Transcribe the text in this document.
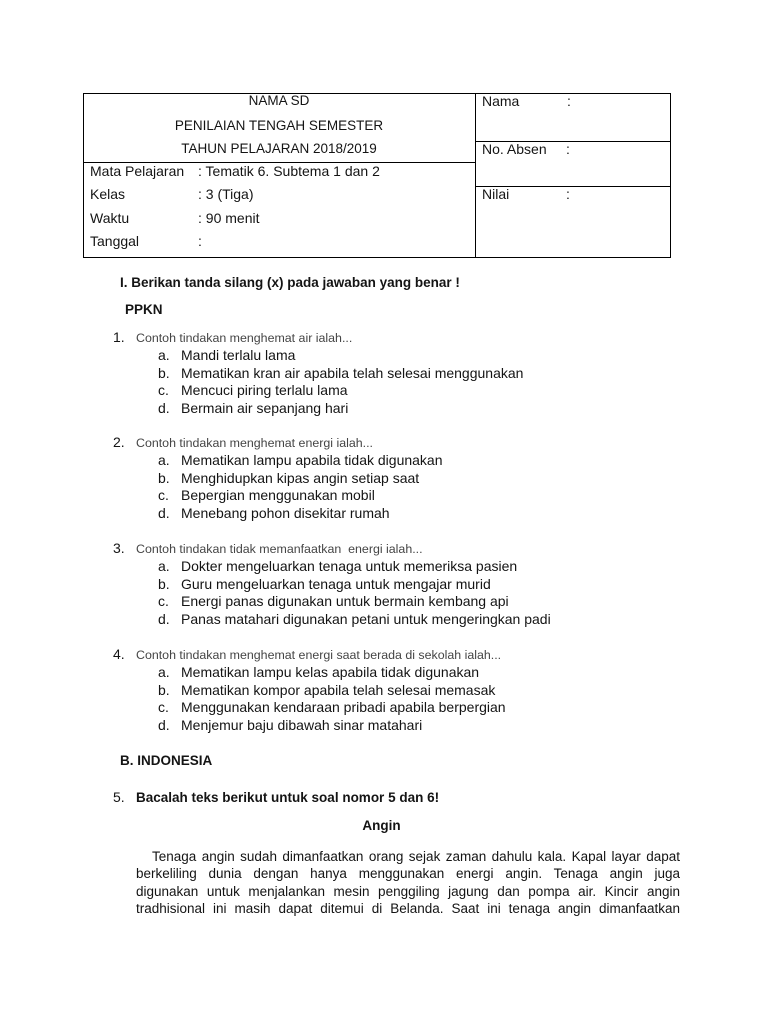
NAMA SD
PENILAIAN TENGAH SEMESTER
TAHUN PELAJARAN 2018/2019
Mata Pelajaran : Tematik 6. Subtema 1 dan 2
Kelas	: 3 (Tiga)
Waktu	: 90 menit
Tanggal	:
Nama	:
No. Absen :
Nilai	:
I. Berikan tanda silang (x) pada jawaban yang benar !
PPKN
1. Contoh tindakan menghemat air ialah...
a. Mandi terlalu lama
b. Mematikan kran air apabila telah selesai menggunakan
c. Mencuci piring terlalu lama
d. Bermain air sepanjang hari
2. Contoh tindakan menghemat energi ialah...
a. Mematikan lampu apabila tidak digunakan
b. Menghidupkan kipas angin setiap saat
c. Bepergian menggunakan mobil
d. Menebang pohon disekitar rumah
3. Contoh tindakan tidak memanfaatkan  energi ialah...
a. Dokter mengeluarkan tenaga untuk memeriksa pasien
b. Guru mengeluarkan tenaga untuk mengajar murid
c. Energi panas digunakan untuk bermain kembang api
d. Panas matahari digunakan petani untuk mengeringkan padi
4. Contoh tindakan menghemat energi saat berada di sekolah ialah...
a. Mematikan lampu kelas apabila tidak digunakan
b. Mematikan kompor apabila telah selesai memasak
c. Menggunakan kendaraan pribadi apabila berpergian
d. Menjemur baju dibawah sinar matahari
B. INDONESIA
5. Bacalah teks berikut untuk soal nomor 5 dan 6!
Angin
Tenaga angin sudah dimanfaatkan orang sejak zaman dahulu kala. Kapal layar dapat
berkeliling dunia dengan hanya menggunakan energi angin. Tenaga angin juga
digunakan untuk menjalankan mesin penggiling jagung dan pompa air. Kincir angin
tradhisional ini masih dapat ditemui di Belanda. Saat ini tenaga angin dimanfaatkan
